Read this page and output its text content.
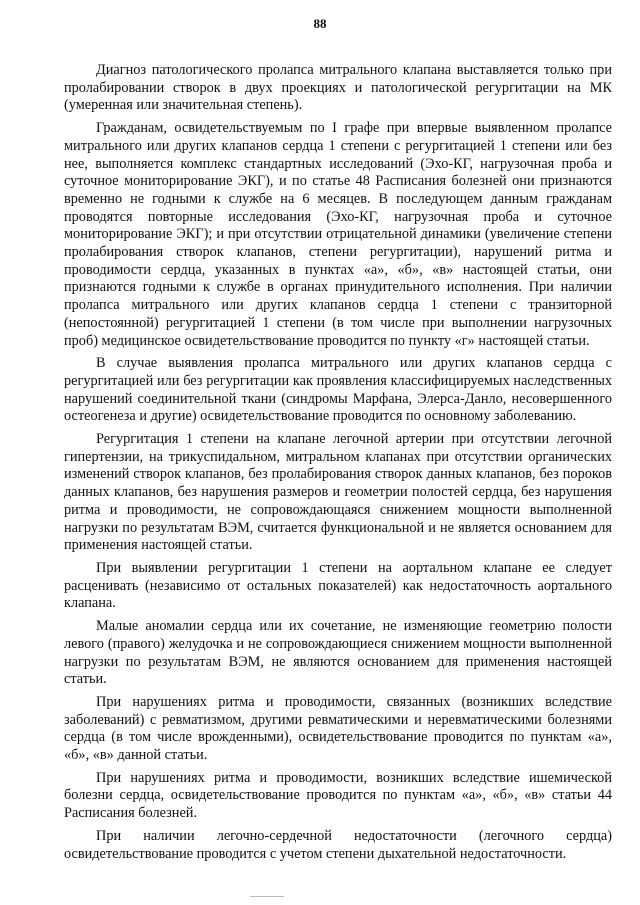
88

Диагноз патологического пролапса митрального клапана выставляется только при пролабировании створок в двух проекциях и патологической регургитации на МК (умеренная или значительная степень).

Гражданам, освидетельствуемым по I графе при впервые выявленном пролапсе митрального или других клапанов сердца 1 степени с регургитацией 1 степени или без нее, выполняется комплекс стандартных исследований (Эхо-КГ, нагрузочная проба и суточное мониторирование ЭКГ), и по статье 48 Расписания болезней они признаются временно не годными к службе на 6 месяцев. В последующем данным гражданам проводятся повторные исследования (Эхо-КГ, нагрузочная проба и суточное мониторирование ЭКГ); и при отсутствии отрицательной динамики (увеличение степени пролабирования створок клапанов, степени регургитации), нарушений ритма и проводимости сердца, указанных в пунктах «а», «б», «в» настоящей статьи, они признаются годными к службе в органах принудительного исполнения. При наличии пролапса митрального или других клапанов сердца 1 степени с транзиторной (непостоянной) регургитацией 1 степени (в том числе при выполнении нагрузочных проб) медицинское освидетельствование проводится по пункту «г» настоящей статьи.

В случае выявления пролапса митрального или других клапанов сердца с регургитацией или без регургитации как проявления классифицируемых наследственных нарушений соединительной ткани (синдромы Марфана, Элерса-Данло, несовершенного остеогенеза и другие) освидетельствование проводится по основному заболеванию.

Регургитация 1 степени на клапане легочной артерии при отсутствии легочной гипертензии, на трикуспидальном, митральном клапанах при отсутствии органических изменений створок клапанов, без пролабирования створок данных клапанов, без пороков данных клапанов, без нарушения размеров и геометрии полостей сердца, без нарушения ритма и проводимости, не сопровождающаяся снижением мощности выполненной нагрузки по результатам ВЭМ, считается функциональной и не является основанием для применения настоящей статьи.

При выявлении регургитации 1 степени на аортальном клапане ее следует расценивать (независимо от остальных показателей) как недостаточность аортального клапана.

Малые аномалии сердца или их сочетание, не изменяющие геометрию полости левого (правого) желудочка и не сопровождающиеся снижением мощности выполненной нагрузки по результатам ВЭМ, не являются основанием для применения настоящей статьи.

При нарушениях ритма и проводимости, связанных (возникших вследствие заболеваний) с ревматизмом, другими ревматическими и неревматическими болезнями сердца (в том числе врожденными), освидетельствование проводится по пунктам «а», «б», «в» данной статьи.

При нарушениях ритма и проводимости, возникших вследствие ишемической болезни сердца, освидетельствование проводится по пунктам «а», «б», «в» статьи 44 Расписания болезней.

При наличии легочно-сердечной недостаточности (легочного сердца) освидетельствование проводится с учетом степени дыхательной недостаточности.
